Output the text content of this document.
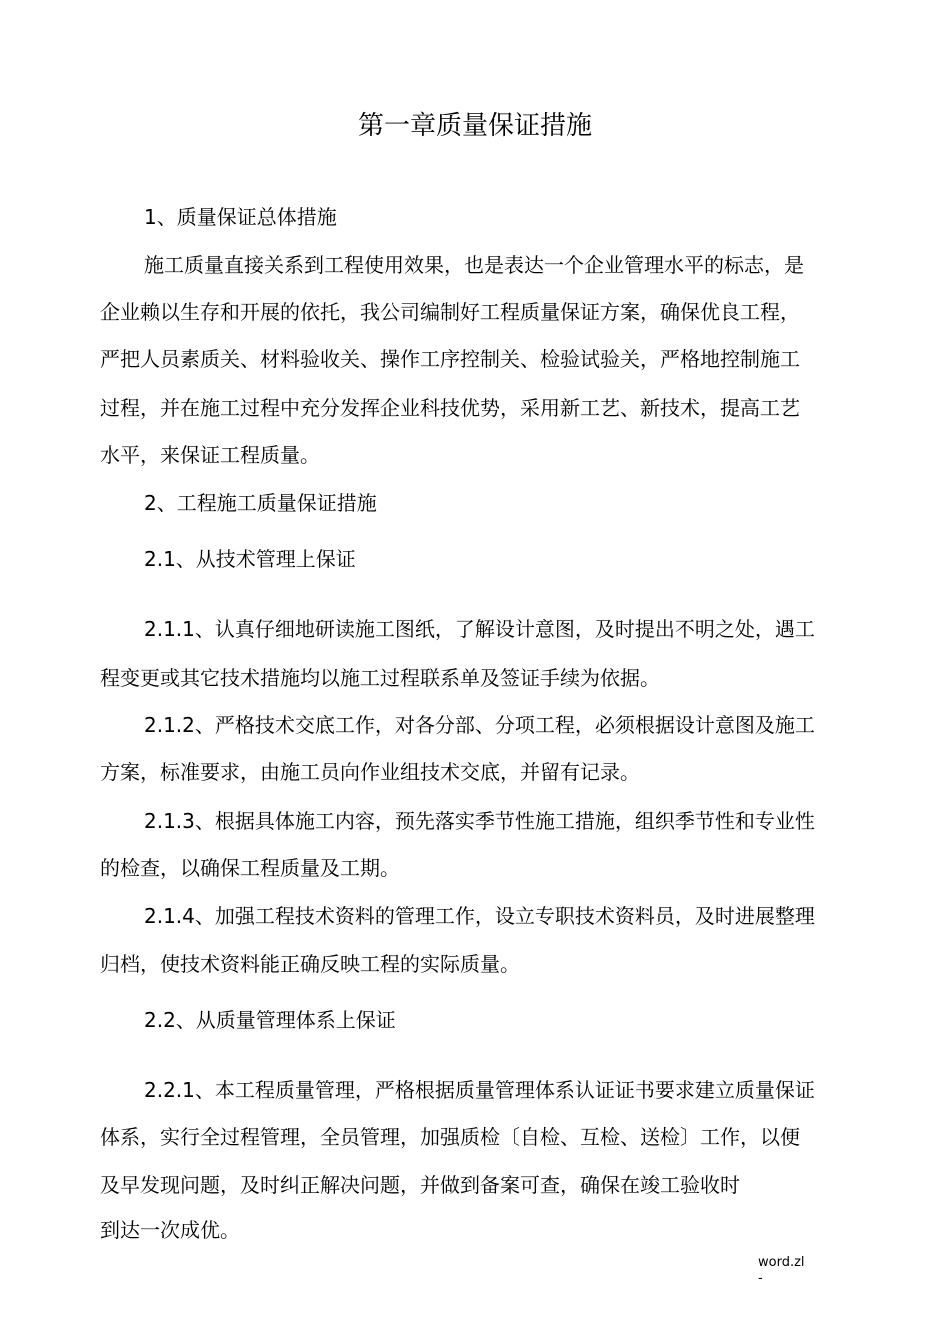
第一章质量保证措施
1、质量保证总体措施
施工质量直接关系到工程使用效果，也是表达一个企业管理水平的标志，是
企业赖以生存和开展的依托，我公司编制好工程质量保证方案，确保优良工程，
严把人员素质关、材料验收关、操作工序控制关、检验试验关，严格地控制施工
过程，并在施工过程中充分发挥企业科技优势，采用新工艺、新技术，提高工艺
水平，来保证工程质量。
2、工程施工质量保证措施
2.1、从技术管理上保证
2.1.1、认真仔细地研读施工图纸，了解设计意图，及时提出不明之处，遇工
程变更或其它技术措施均以施工过程联系单及签证手续为依据。
2.1.2、严格技术交底工作，对各分部、分项工程，必须根据设计意图及施工
方案，标准要求，由施工员向作业组技术交底，并留有记录。
2.1.3、根据具体施工内容，预先落实季节性施工措施，组织季节性和专业性
的检查，以确保工程质量及工期。
2.1.4、加强工程技术资料的管理工作，设立专职技术资料员，及时进展整理
归档，使技术资料能正确反映工程的实际质量。
2.2、从质量管理体系上保证
2.2.1、本工程质量管理，严格根据质量管理体系认证证书要求建立质量保证
体系，实行全过程管理，全员管理，加强质检〔自检、互检、送检〕工作，以便
及早发现问题，及时纠正解决问题，并做到备案可查，确保在竣工验收时
到达一次成优。
word.zl
-
